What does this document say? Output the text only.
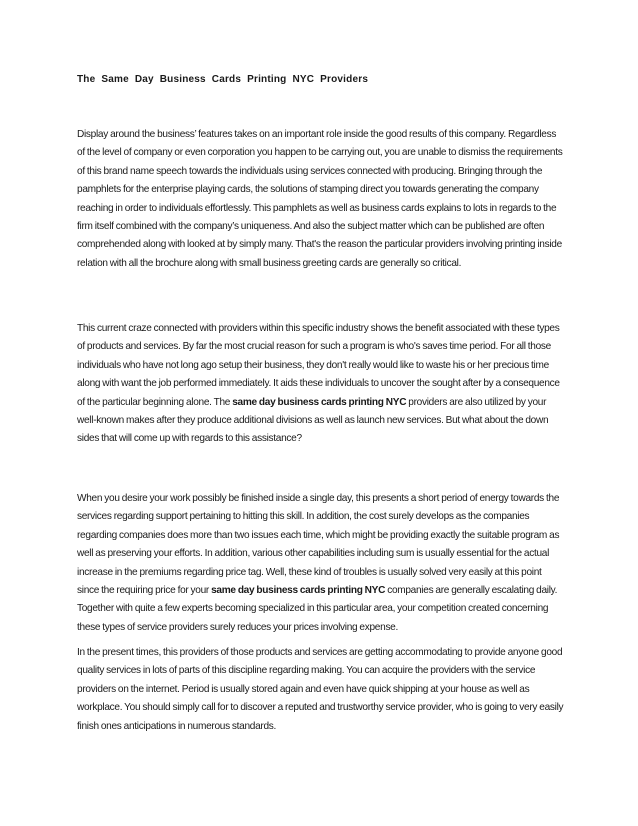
The Same Day Business Cards Printing NYC Providers

Display around the business’ features takes on an important role inside the good results of this company. Regardless of the level of company or even corporation you happen to be carrying out, you are unable to dismiss the requirements of this brand name speech towards the individuals using services connected with producing. Bringing through the pamphlets for the enterprise playing cards, the solutions of stamping direct you towards generating the company reaching in order to individuals effortlessly. This pamphlets as well as business cards explains to lots in regards to the firm itself combined with the company’s uniqueness. And also the subject matter which can be published are often comprehended along with looked at by simply many. That's the reason the particular providers involving printing inside relation with all the brochure along with small business greeting cards are generally so critical.

This current craze connected with providers within this specific industry shows the benefit associated with these types of products and services. By far the most crucial reason for such a program is who's saves time period. For all those individuals who have not long ago setup their business, they don't really would like to waste his or her precious time along with want the job performed immediately. It aids these individuals to uncover the sought after by a consequence of the particular beginning alone. The same day business cards printing NYC providers are also utilized by your well-known makes after they produce additional divisions as well as launch new services. But what about the down sides that will come up with regards to this assistance?

When you desire your work possibly be finished inside a single day, this presents a short period of energy towards the services regarding support pertaining to hitting this skill. In addition, the cost surely develops as the companies regarding companies does more than two issues each time, which might be providing exactly the suitable program as well as preserving your efforts. In addition, various other capabilities including sum is usually essential for the actual increase in the premiums regarding price tag. Well, these kind of troubles is usually solved very easily at this point since the requiring price for your same day business cards printing NYC companies are generally escalating daily. Together with quite a few experts becoming specialized in this particular area, your competition created concerning these types of service providers surely reduces your prices involving expense.

In the present times, this providers of those products and services are getting accommodating to provide anyone good quality services in lots of parts of this discipline regarding making. You can acquire the providers with the service providers on the internet. Period is usually stored again and even have quick shipping at your house as well as workplace. You should simply call for to discover a reputed and trustworthy service provider, who is going to very easily finish ones anticipations in numerous standards.
